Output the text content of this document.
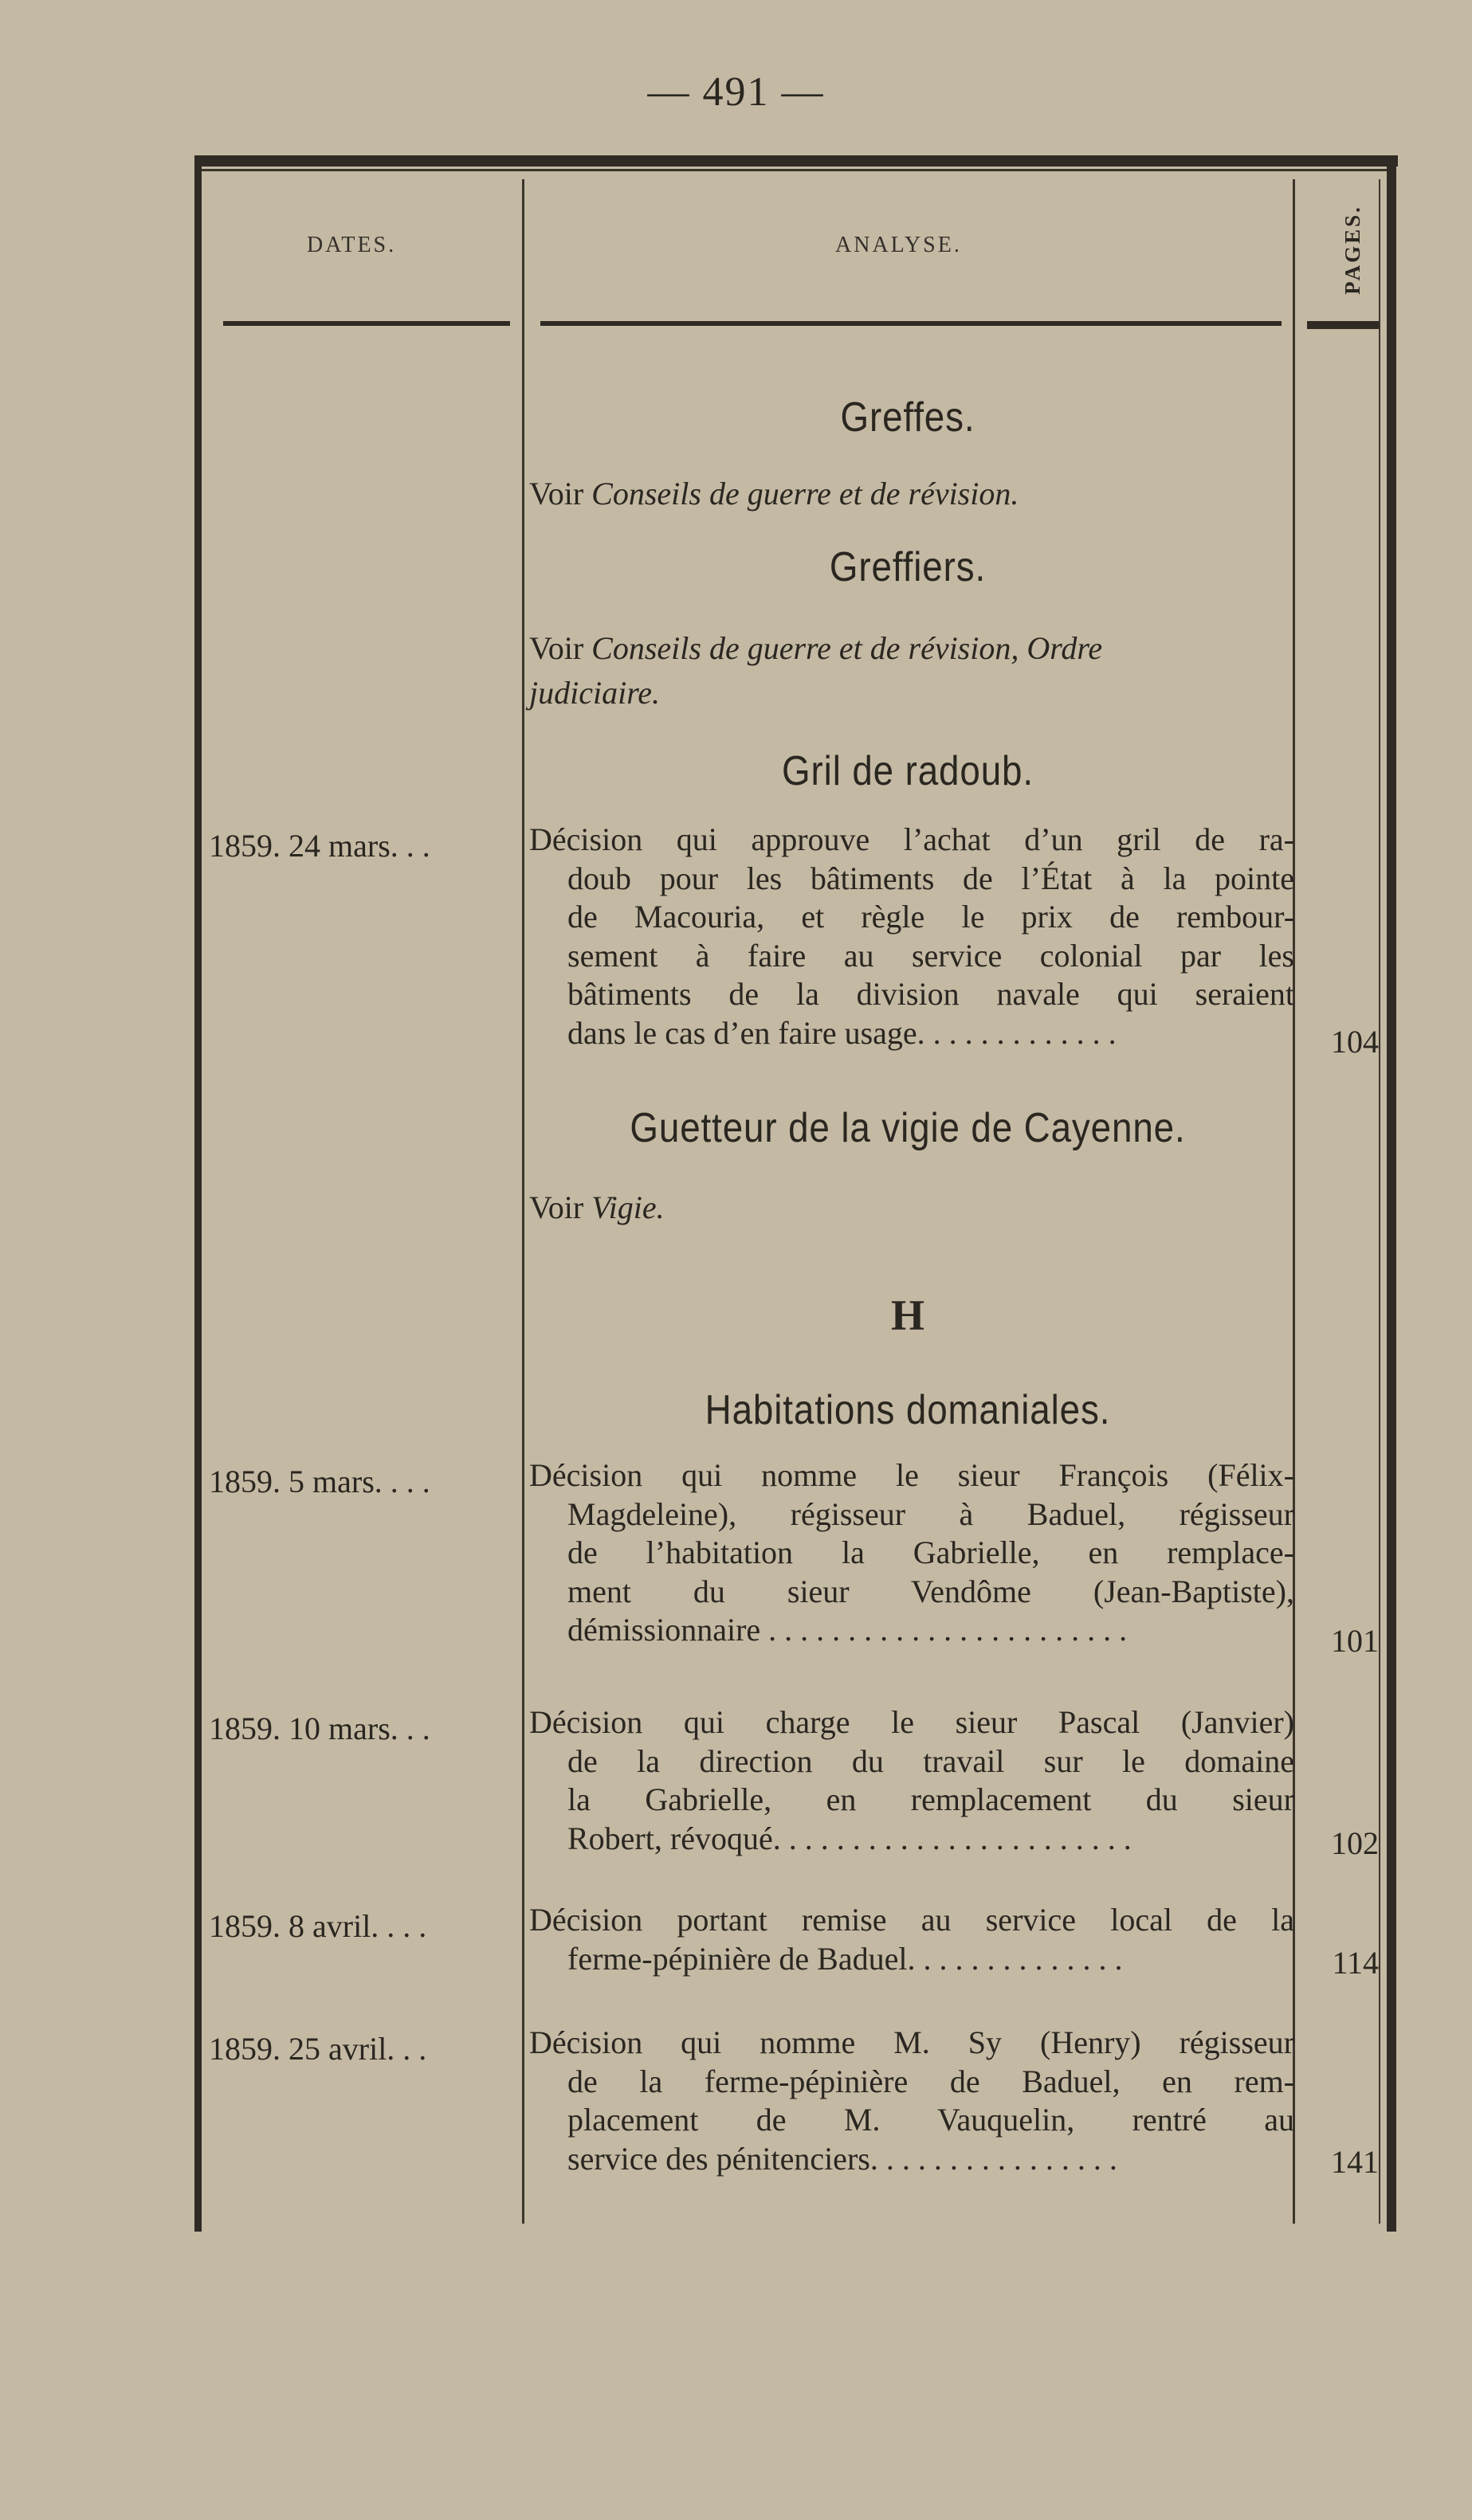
— 491 —
DATES.	ANALYSE.	PAGES.
Greffes.
Voir Conseils de guerre et de révision.
Greffiers.
Voir Conseils de guerre et de révision, Ordre
judiciaire.
Gril de radoub.
1859. 24 mars. . .	Décision qui approuve l’achat d’un gril de ra-
doub pour les bâtiments de l’État à la pointe
de Macouria, et règle le prix de rembour-
sement à faire au service colonial par les
bâtiments de la division navale qui seraient
dans le cas d’en faire usage. . . . . . . . . . . . .	104
Guetteur de la vigie de Cayenne.
Voir Vigie.
H
Habitations domaniales.
1859. 5 mars. . . .	Décision qui nomme le sieur François (Félix-
Magdeleine), régisseur à Baduel, régisseur
de l’habitation la Gabrielle, en remplace-
ment du sieur Vendôme (Jean-Baptiste),
démissionnaire . . . . . . . . . . . . . . . . . . . . . . .	101
1859. 10 mars. . .	Décision qui charge le sieur Pascal (Janvier)
de la direction du travail sur le domaine
la Gabrielle, en remplacement du sieur
Robert, révoqué. . . . . . . . . . . . . . . . . . . . . . .	102
1859. 8 avril. . . .	Décision portant remise au service local de la
ferme-pépinière de Baduel. . . . . . . . . . . . . .	114
1859. 25 avril. . .	Décision qui nomme M. Sy (Henry) régisseur
de la ferme-pépinière de Baduel, en rem-
placement de M. Vauquelin, rentré au
service des pénitenciers. . . . . . . . . . . . . . . .	141
